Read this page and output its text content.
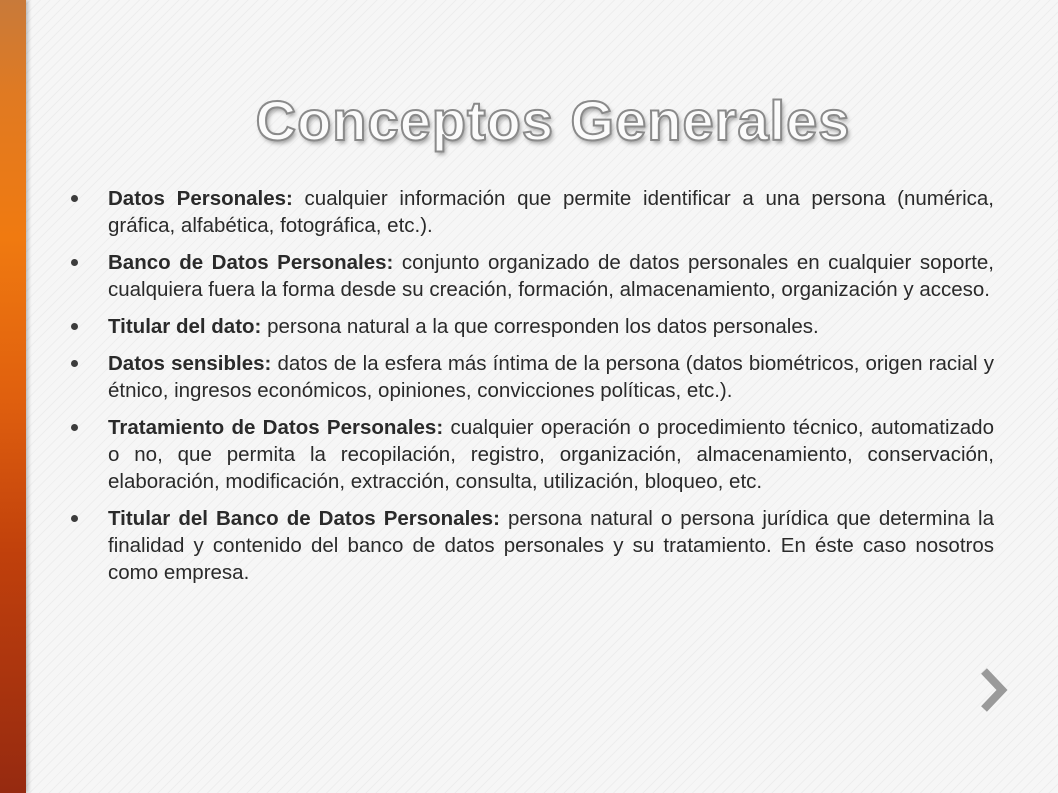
Conceptos Generales
Datos Personales: cualquier información que permite identificar a una persona (numérica, gráfica, alfabética, fotográfica, etc.).
Banco de Datos Personales: conjunto organizado de datos personales en cualquier soporte, cualquiera fuera la forma desde su creación, formación, almacenamiento, organización y acceso.
Titular del dato: persona natural a la que corresponden los datos personales.
Datos sensibles: datos de la esfera más íntima de la persona (datos biométricos, origen racial y étnico, ingresos económicos, opiniones, convicciones políticas, etc.).
Tratamiento de Datos Personales: cualquier operación o procedimiento técnico, automatizado o no, que permita la recopilación, registro, organización, almacenamiento, conservación, elaboración, modificación, extracción, consulta, utilización, bloqueo, etc.
Titular del Banco de Datos Personales: persona natural o persona jurídica que determina la finalidad y contenido del banco de datos personales y su tratamiento. En éste caso nosotros como empresa.
